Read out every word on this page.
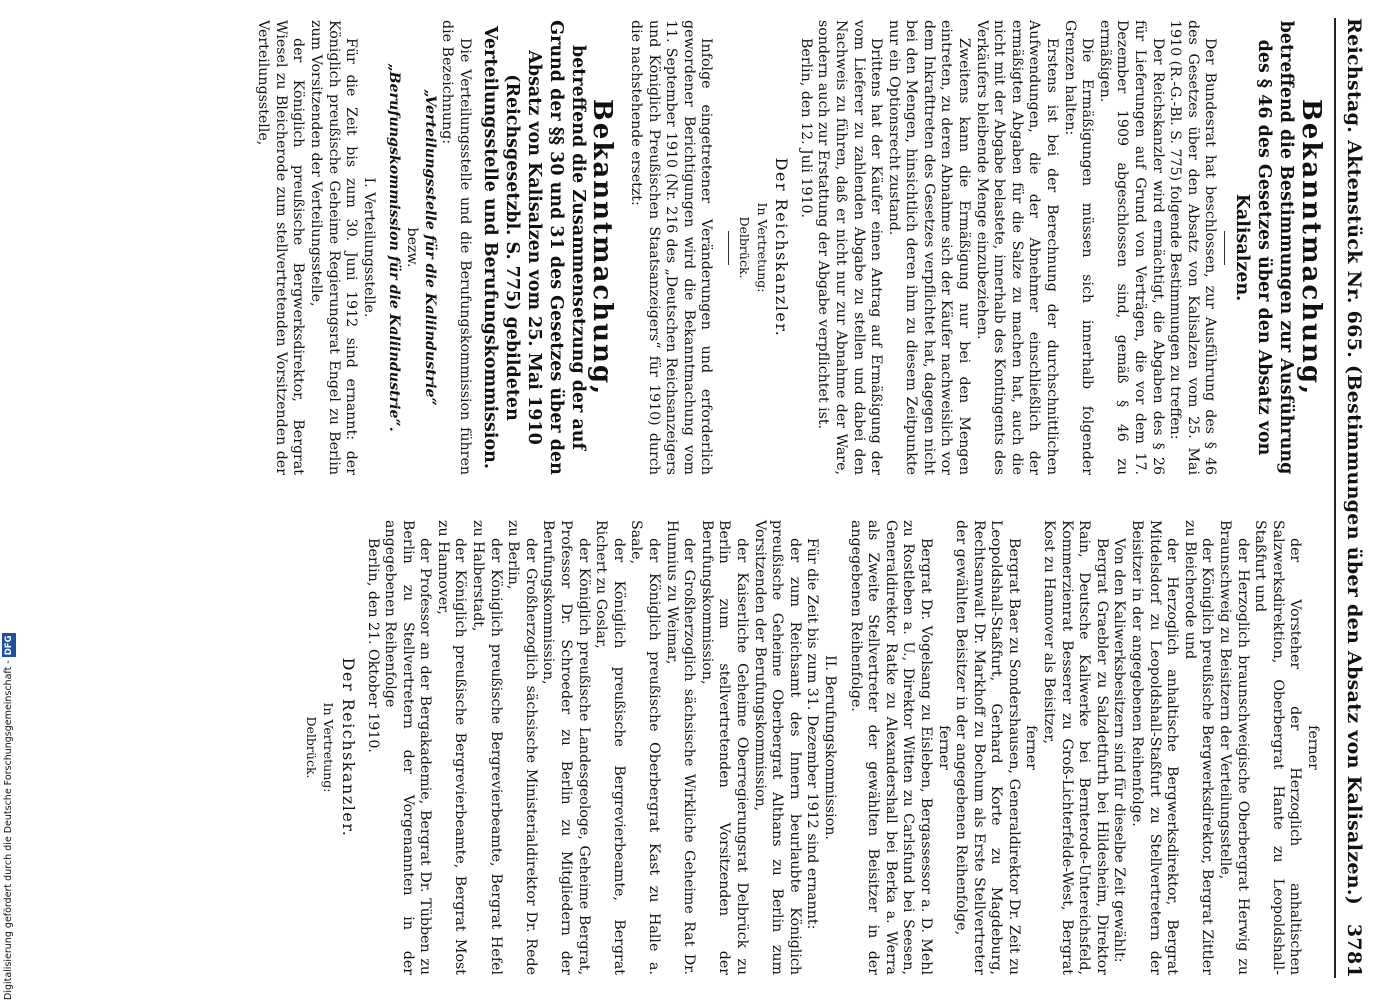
Reichstag. Aktenstück Nr. 665. (Bestimmungen über den Absatz von Kalisalzen.)
3781
Bekanntmachung,
betreffend die Bestimmungen zur Ausführung des § 46 des Gesetzes über den Absatz von Kalisalzen.

Der Bundesrat hat beschlossen, zur Ausführung des § 46 des Gesetzes über den Absatz von Kalisalzen vom 25. Mai 1910 (R.-G.-Bl. S. 775) folgende Bestimmungen zu treffen:

Der Reichskanzler wird ermächtigt, die Abgaben des § 26 für Lieferungen auf Grund von Verträgen, die vor dem 17. Dezember 1909 abgeschlossen sind, gemäß § 46 zu ermäßigen.

Die Ermäßigungen müssen sich innerhalb folgender Grenzen halten:

Erstens ist bei der Berechnung der durchschnittlichen Aufwendungen, die der Abnehmer einschließlich der ermäßigten Abgaben für die Salze zu machen hat, auch die nicht mit der Abgabe belastete, innerhalb des Kontingents des Verkäufers bleibende Menge einzubeziehen.

Zweitens kann die Ermäßigung nur bei den Mengen eintreten, zu deren Abnahme sich der Käufer nachweislich vor dem Inkrafttreten des Gesetzes verpflichtet hat, dagegen nicht bei den Mengen, hinsichtlich deren ihm zu diesem Zeitpunkte nur ein Optionsrecht zustand.

Drittens hat der Käufer einen Antrag auf Ermäßigung der vom Lieferer zu zahlenden Abgabe zu stellen und dabei den Nachweis zu führen, daß er nicht nur zur Abnahme der Ware, sondern auch zur Erstattung der Abgabe verpflichtet ist.

Berlin, den 12. Juli 1910.

Der Reichskanzler.
In Vertretung:
Delbrück.

Infolge eingetretener Veränderungen und erforderlich gewordener Berichtigungen wird die Bekanntmachung vom 11. September 1910 (Nr. 216 des „Deutschen Reichsanzeigers und Königlich Preußischen Staatsanzeigers“ für 1910) durch die nachstehende ersetzt:

Bekanntmachung,
betreffend die Zusammensetzung der auf Grund der §§ 30 und 31 des Gesetzes über den Absatz von Kalisalzen vom 25. Mai 1910 (Reichsgesetzbl. S. 775) gebildeten Verteilungsstelle und Berufungskommission.

Die Verteilungsstelle und die Berufungskommission führen die Bezeichnung:

„Verteilungsstelle für die Kaliindustrie“
bezw.
„Berufungskommission für die Kaliindustrie“.
I. Verteilungsstelle.

Für die Zeit bis zum 30. Juni 1912 sind ernannt: der Königlich preußische Geheime Regierungsrat Engel zu Berlin zum Vorsitzenden der Verteilungsstelle,

der Königlich preußische Bergwerksdirektor, Bergrat Wiesel zu Bleicherode zum stellvertretenden Vorsitzenden der Verteilungsstelle,

ferner

der Vorsteher der Herzoglich anhaltischen Salzwerksdirektion, Oberbergrat Hante zu Leopoldshall-Staßfurt und

der Herzoglich braunschweigische Oberbergrat Herwig zu Braunschweig zu Beisitzern der Verteilungsstelle,

der Königlich preußische Bergwerksdirektor, Bergrat Zittler zu Bleicherode und

der Herzoglich anhaltische Bergwerksdirektor, Bergrat Mitdelsdorf zu Leopoldshall-Staßfurt zu Stellvertretern der Beisitzer in der angegebenen Reihenfolge.

Von den Kaliwerksbesitzern sind für dieselbe Zeit gewählt:

Bergrat Graebler zu Salzdetfurth bei Hildesheim, Direktor Rain, Deutsche Kaliwerke bei Bernterode-Untereichsfeld, Kommerzienrat Besserer zu Groß-Lichterfelde-West, Bergrat Kost zu Hannover als Beisitzer,

ferner

Bergrat Baer zu Sondershausen, Generaldirektor Dr. Zeit zu Leopoldshall-Staßfurt, Gerhard Korte zu Magdeburg, Rechtsanwalt Dr. Markhoff zu Bochum als Erste Stellvertreter der gewählten Beisitzer in der angegebenen Reihenfolge,

ferner

Bergrat Dr. Vogelsang zu Eisleben, Bergassessor a. D. Mehl zu Rostleben a. U., Direktor Witten zu Carlsfund bei Seesen, Generaldirektor Ratke zu Alexandershall bei Berka a. Werra als Zweite Stellvertreter der gewählten Beisitzer in der angegebenen Reihenfolge.

II. Berufungskommission.

Für die Zeit bis zum 31. Dezember 1912 sind ernannt:

der zum Reichsamt des Innern beurlaubte Königlich preußische Geheime Oberbergrat Althans zu Berlin zum Vorsitzenden der Berufungskommission,

der Kaiserliche Geheime Oberregierungsrat Delbrück zu Berlin zum stellvertretenden Vorsitzenden der Berufungskommission,

der Großherzoglich sächsische Wirkliche Geheime Rat Dr. Hunnius zu Weimar,

der Königlich preußische Oberbergrat Kast zu Halle a. Saale,

der Königlich preußische Bergrevierbeamte, Bergrat Richert zu Goslar,

der Königlich preußische Landesgeologe, Geheime Bergrat, Professor Dr. Schroeder zu Berlin zu Mitgliedern der Berufungskommission,

der Großherzoglich sächsische Ministerialdirektor Dr. Rede zu Berlin,

der Königlich preußische Bergrevierbeamte, Bergrat Hefel zu Halberstadt,

der Königlich preußische Bergrevierbeamte, Bergrat Most zu Hannover,

der Professor an der Bergakademie, Bergrat Dr. Tübben zu Berlin zu Stellvertretern der Vorgenannten in der angegebenen Reihenfolge

Berlin, den 21. Oktober 1910.

Der Reichskanzler.
In Vertretung:
Delbrück.
Digitalisierung gefördert durch die Deutsche Forschungsgemeinschaft -DFG
